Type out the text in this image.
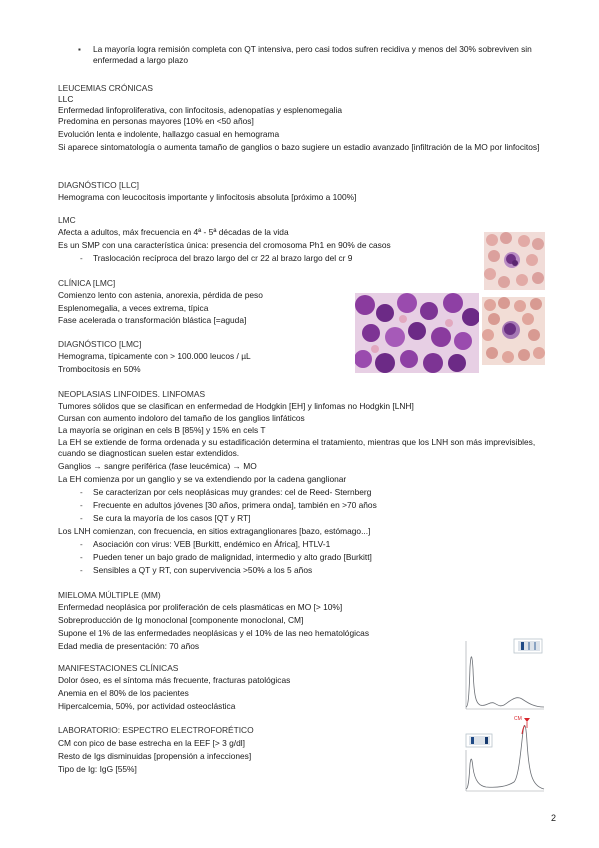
▪ La mayoría logra remisión completa con QT intensiva, pero casi todos sufren recidiva y menos del 30% sobreviven sin enfermedad a largo plazo

LEUCEMIAS CRÓNICAS

LLC

Enfermedad linfoproliferativa, con linfocitosis, adenopatías y esplenomegalia

Predomina en personas mayores [10% en <50 años]

Evolución lenta e indolente, hallazgo casual en hemograma

Si aparece sintomatología o aumenta tamaño de ganglios o bazo sugiere un estadio avanzado [infiltración de la MO por linfocitos]

DIAGNÓSTICO [LLC]

Hemograma con leucocitosis importante y linfocitosis absoluta [próximo a 100%]

LMC

Afecta a adultos, máx frecuencia en 4ª - 5ª décadas de la vida

Es un SMP con una característica única: presencia del cromosoma Ph1 en 90% de casos

- Traslocación recíproca del brazo largo del cr 22 al brazo largo del cr 9

CLÍNICA [LMC]

Comienzo lento con astenia, anorexia, pérdida de peso

Esplenomegalia, a veces extrema, típica

Fase acelerada o transformación blástica [=aguda]

DIAGNÓSTICO [LMC]

Hemograma, típicamente con > 100.000 leucos / µL

Trombocitosis en 50%

NEOPLASIAS LINFOIDES. LINFOMAS

Tumores sólidos que se clasifican en enfermedad de Hodgkin [EH] y linfomas no Hodgkin [LNH]

Cursan con aumento indoloro del tamaño de los ganglios linfáticos

La mayoría se originan en cels B [85%] y 15% en cels T

La EH se extiende de forma ordenada y su estadificación determina el tratamiento, mientras que los LNH son más imprevisibles, cuando se diagnostican suelen estar extendidos.

Ganglios → sangre periférica (fase leucémica) → MO

La EH comienza por un ganglio y se va extendiendo por la cadena ganglionar

- Se caracterizan por cels neoplásicas muy grandes: cel de Reed- Sternberg

- Frecuente en adultos jóvenes [30 años, primera onda], también en >70 años

- Se cura la mayoría de los casos [QT y RT]

Los LNH comienzan, con frecuencia, en sitios extraganglionares [bazo, estómago...]

- Asociación con virus: VEB [Burkitt, endémico en África], HTLV-1

- Pueden tener un bajo grado de malignidad, intermedio y alto grado [Burkitt]

- Sensibles a QT y RT, con supervivencia >50% a los 5 años

MIELOMA MÚLTIPLE (MM)

Enfermedad neoplásica por proliferación de cels plasmáticas en MO [> 10%]

Sobreproducción de Ig monoclonal [componente monoclonal, CM]

Supone el 1% de las enfermedades neoplásicas y el 10% de las neo hematológicas

Edad media de presentación: 70 años

MANIFESTACIONES CLÍNICAS

Dolor óseo, es el síntoma más frecuente, fracturas patológicas

Anemia en el 80% de los pacientes

Hipercalcemia, 50%, por actividad osteoclástica

LABORATORIO: ESPECTRO ELECTROFORÉTICO

CM con pico de base estrecha en la EEF [> 3 g/dl]

Resto de Igs disminuidas [propensión a infecciones]

Tipo de Ig: IgG [55%]

2

CM
